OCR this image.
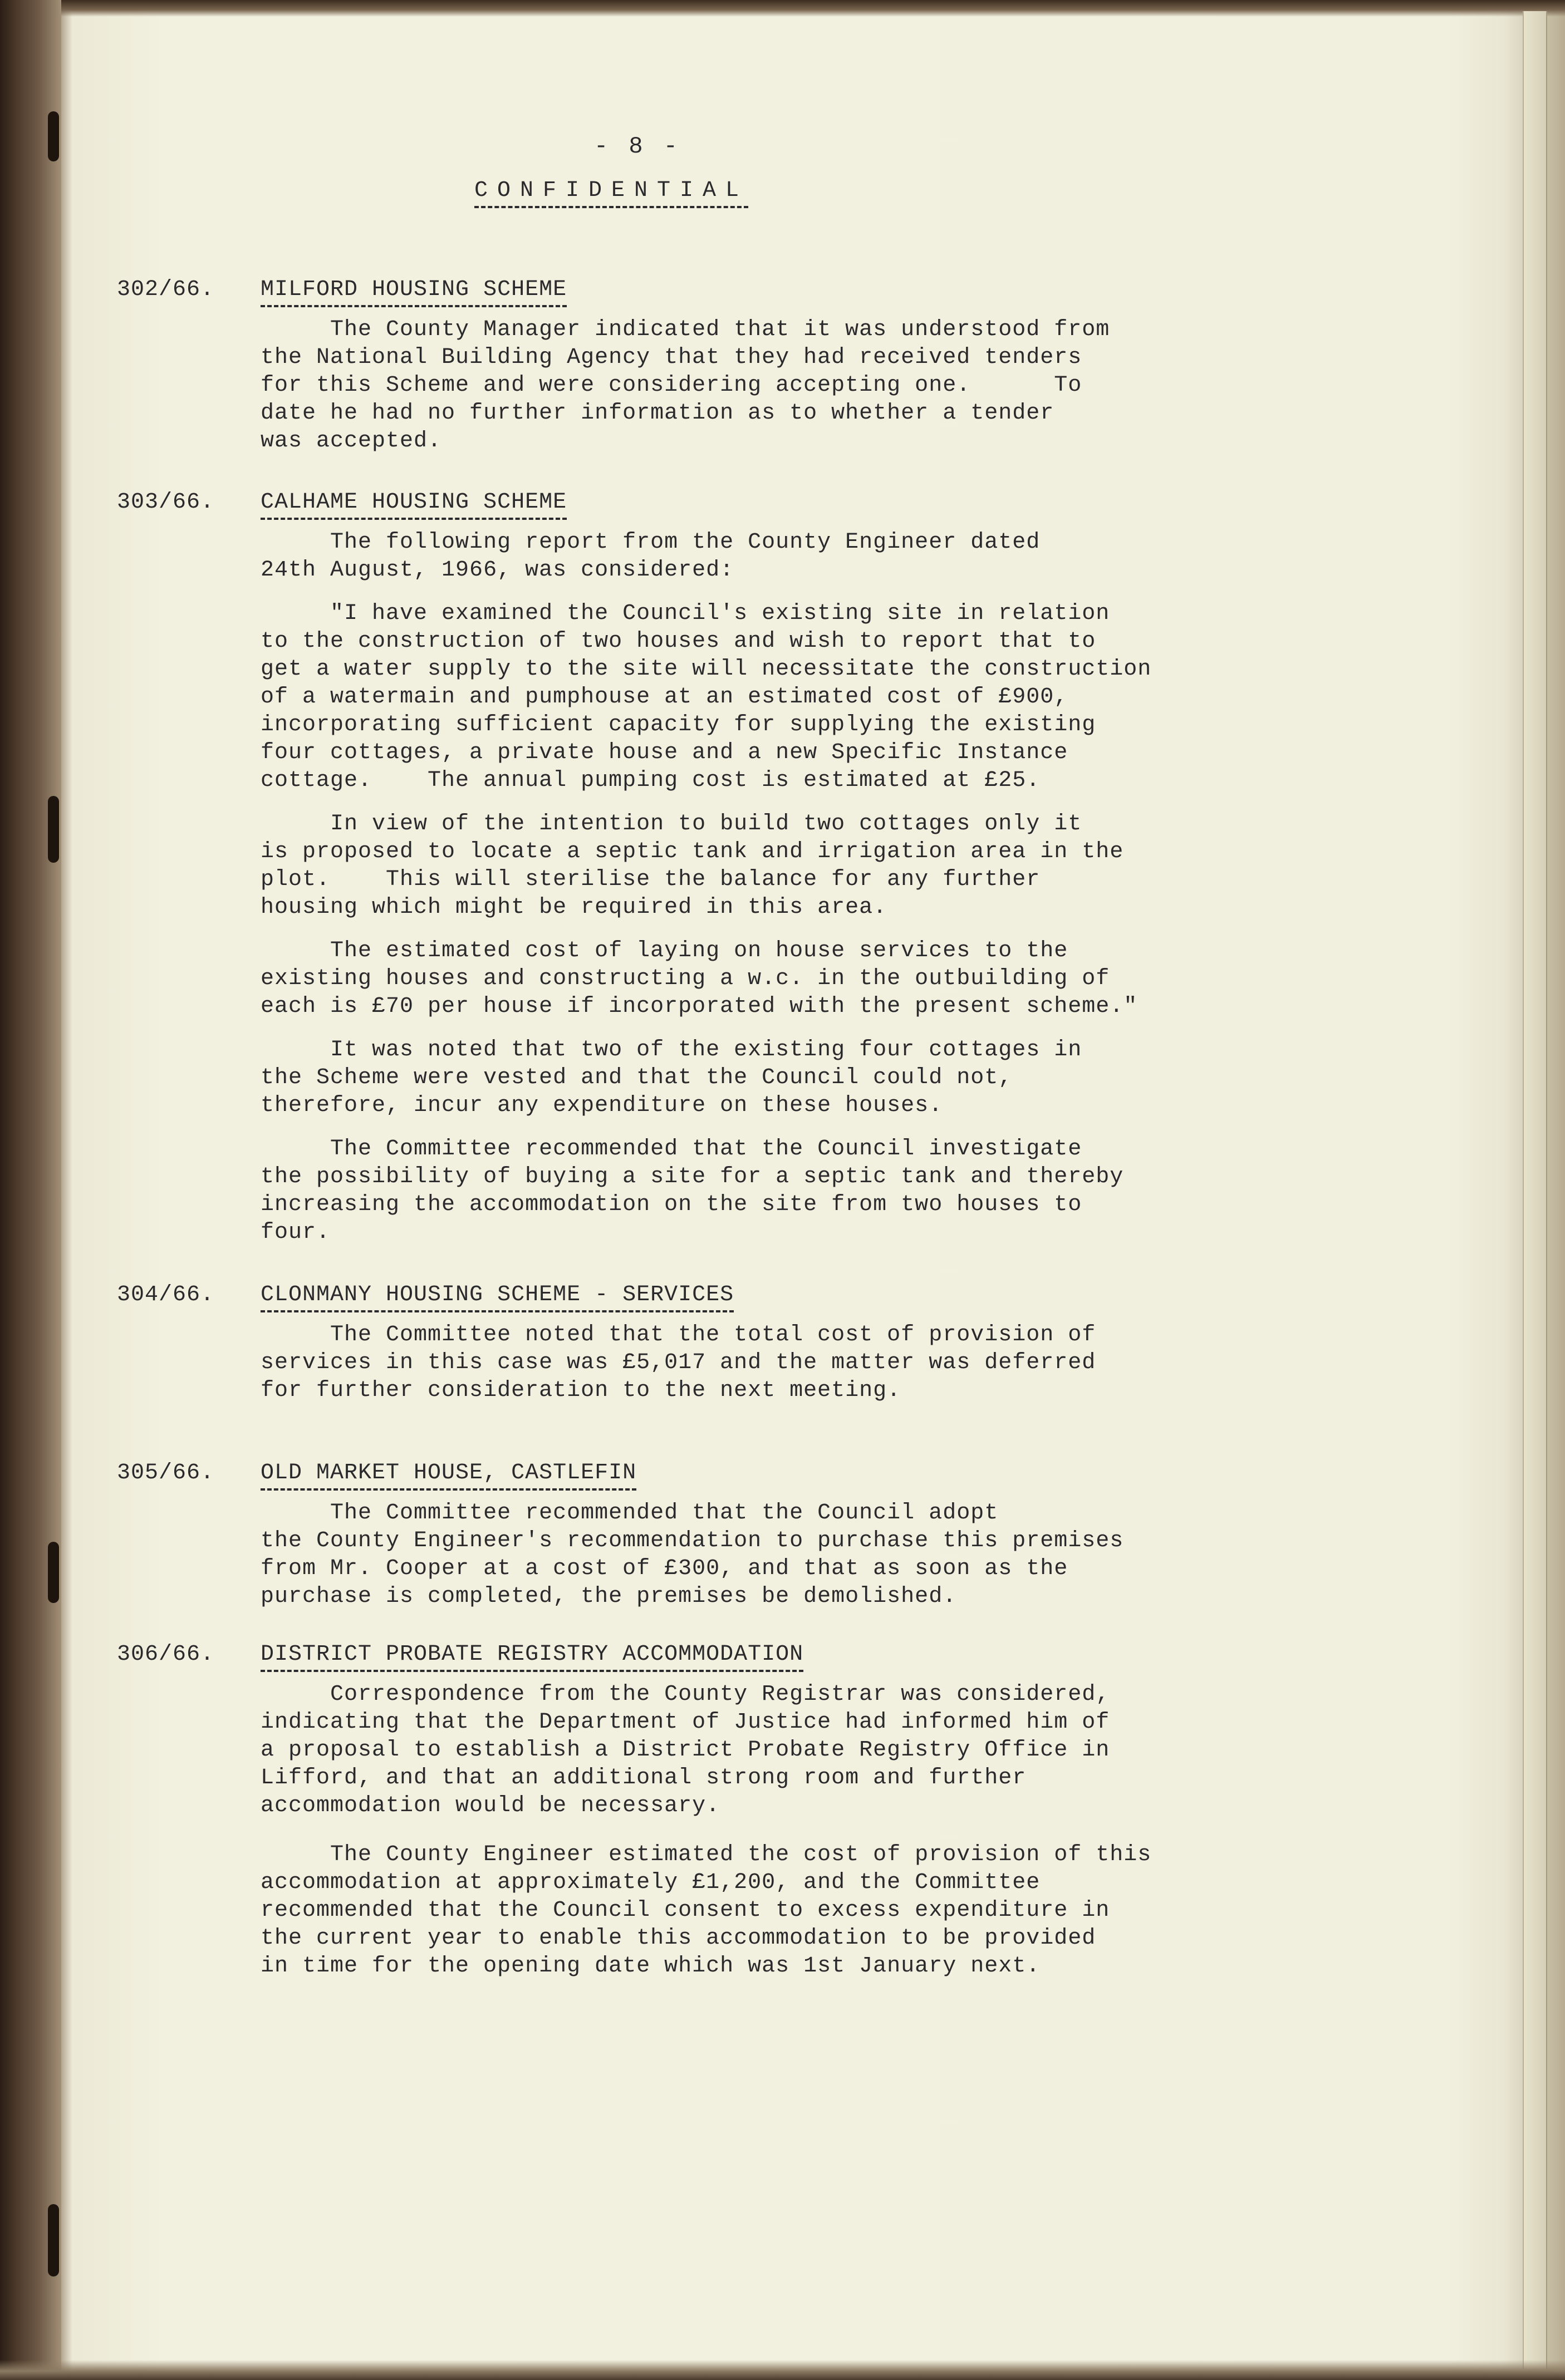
- 8 -
CONFIDENTIAL
302/66. MILFORD HOUSING SCHEME
The County Manager indicated that it was understood from
the National Building Agency that they had received tenders
for this Scheme and were considering accepting one.      To
date he had no further information as to whether a tender
was accepted.
303/66. CALHAME HOUSING SCHEME
The following report from the County Engineer dated
24th August, 1966, was considered:
"I have examined the Council's existing site in relation
to the construction of two houses and wish to report that to
get a water supply to the site will necessitate the construction
of a watermain and pumphouse at an estimated cost of £900,
incorporating sufficient capacity for supplying the existing
four cottages, a private house and a new Specific Instance
cottage.    The annual pumping cost is estimated at £25.
In view of the intention to build two cottages only it
is proposed to locate a septic tank and irrigation area in the
plot.    This will sterilise the balance for any further
housing which might be required in this area.
The estimated cost of laying on house services to the
existing houses and constructing a w.c. in the outbuilding of
each is £70 per house if incorporated with the present scheme."
It was noted that two of the existing four cottages in
the Scheme were vested and that the Council could not,
therefore, incur any expenditure on these houses.
The Committee recommended that the Council investigate
the possibility of buying a site for a septic tank and thereby
increasing the accommodation on the site from two houses to
four.
304/66. CLONMANY HOUSING SCHEME - SERVICES
The Committee noted that the total cost of provision of
services in this case was £5,017 and the matter was deferred
for further consideration to the next meeting.
305/66. OLD MARKET HOUSE, CASTLEFIN
The Committee recommended that the Council adopt
the County Engineer's recommendation to purchase this premises
from Mr. Cooper at a cost of £300, and that as soon as the
purchase is completed, the premises be demolished.
306/66. DISTRICT PROBATE REGISTRY ACCOMMODATION
Correspondence from the County Registrar was considered,
indicating that the Department of Justice had informed him of
a proposal to establish a District Probate Registry Office in
Lifford, and that an additional strong room and further
accommodation would be necessary.
The County Engineer estimated the cost of provision of this
accommodation at approximately £1,200, and the Committee
recommended that the Council consent to excess expenditure in
the current year to enable this accommodation to be provided
in time for the opening date which was 1st January next.
